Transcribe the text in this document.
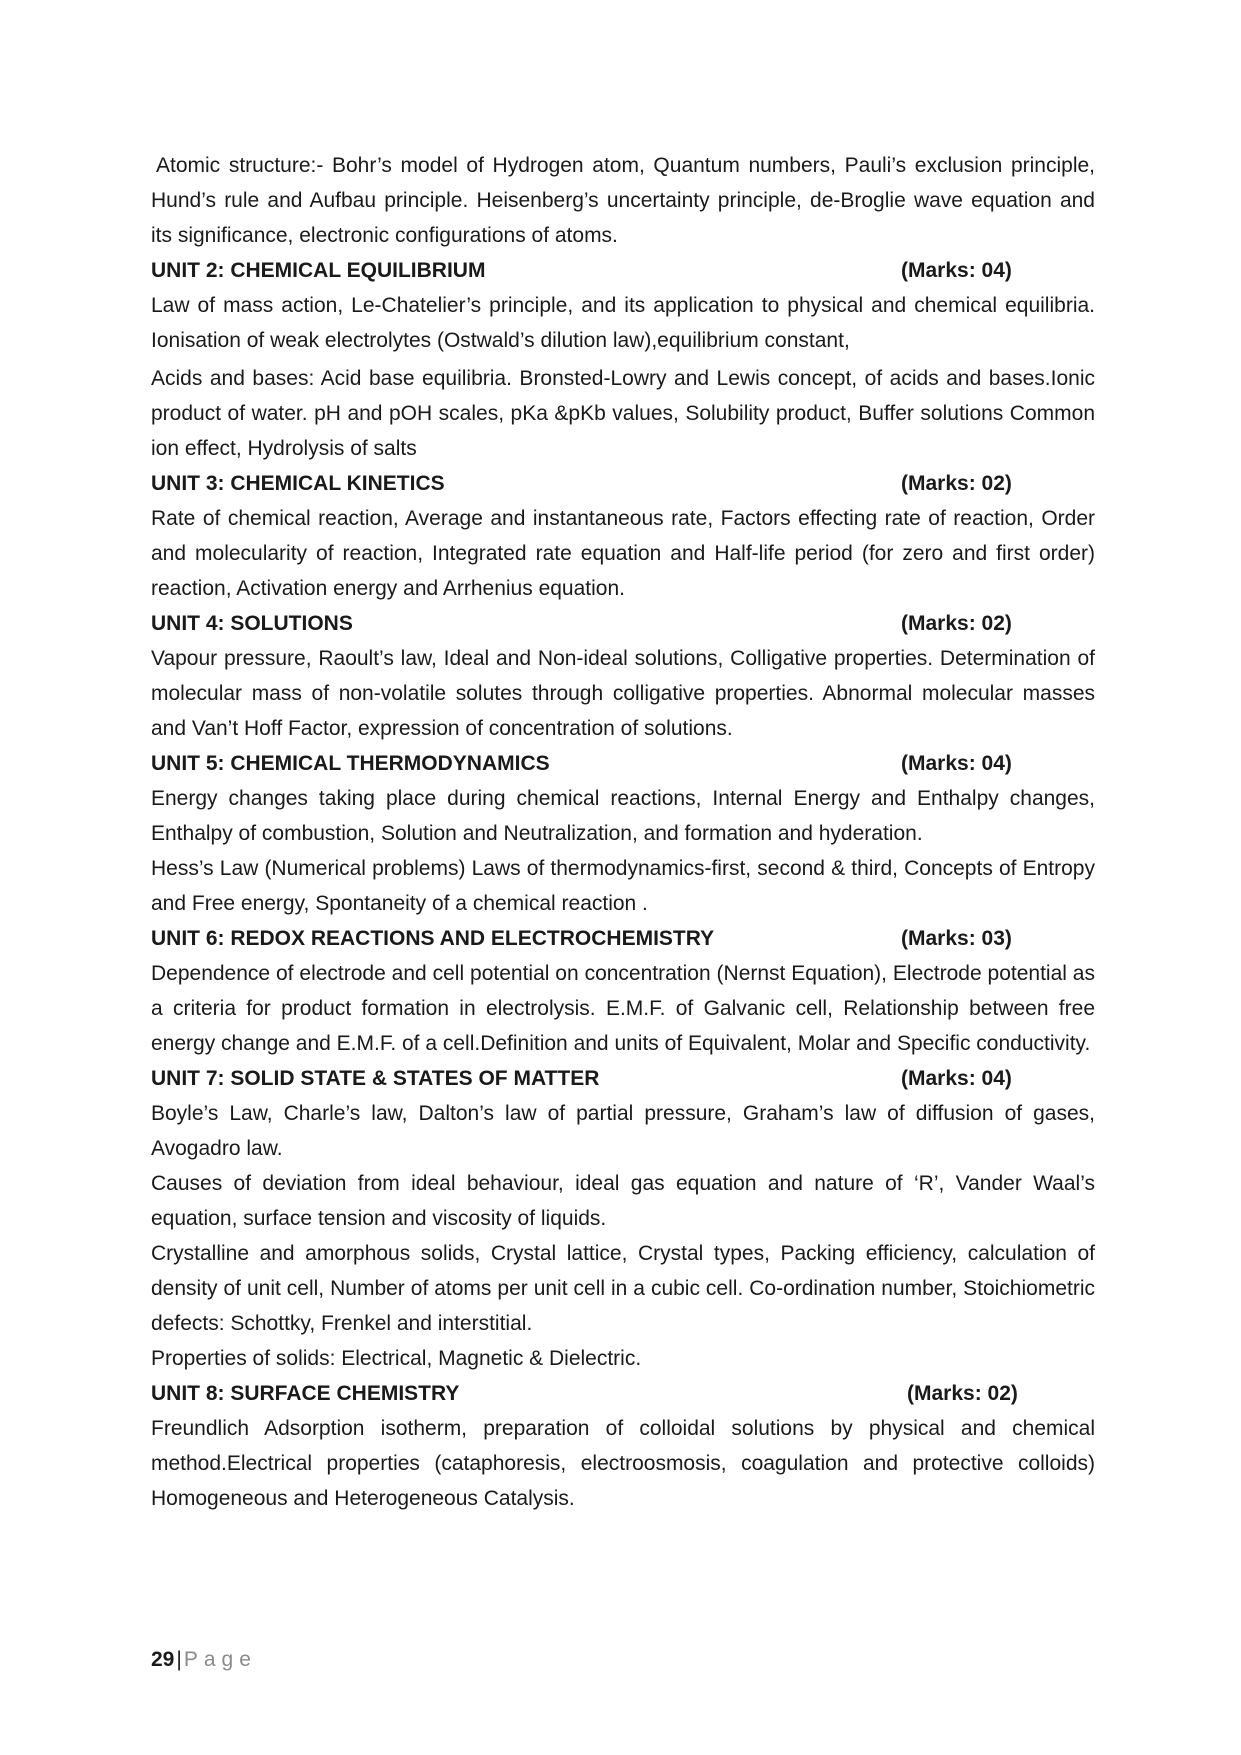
Atomic structure:- Bohr’s model of Hydrogen atom, Quantum numbers, Pauli’s exclusion principle, Hund’s rule and Aufbau principle. Heisenberg’s uncertainty principle, de-Broglie wave equation and its significance, electronic configurations of atoms.

UNIT 2: CHEMICAL EQUILIBRIUM	(Marks: 04)

Law of mass action, Le-Chatelier’s principle, and its application to physical and chemical equilibria. Ionisation of weak electrolytes (Ostwald’s dilution law),equilibrium constant,

Acids and bases: Acid base equilibria. Bronsted-Lowry and Lewis concept, of acids and bases.Ionic product of water. pH and pOH scales, pKa &pKb values, Solubility product, Buffer solutions Common ion effect, Hydrolysis of salts

UNIT 3: CHEMICAL KINETICS	(Marks: 02)

Rate of chemical reaction, Average and instantaneous rate, Factors effecting rate of reaction, Order and molecularity of reaction, Integrated rate equation and Half-life period (for zero and first order) reaction, Activation energy and Arrhenius equation.

UNIT 4: SOLUTIONS	(Marks: 02)

Vapour pressure, Raoult’s law, Ideal and Non-ideal solutions, Colligative properties. Determination of molecular mass of non-volatile solutes through colligative properties. Abnormal molecular masses and Van’t Hoff Factor, expression of concentration of solutions.

UNIT 5: CHEMICAL THERMODYNAMICS	(Marks: 04)

Energy changes taking place during chemical reactions, Internal Energy and Enthalpy changes, Enthalpy of combustion, Solution and Neutralization, and formation and hyderation.

Hess’s Law (Numerical problems) Laws of thermodynamics-first, second & third, Concepts of Entropy and Free energy, Spontaneity of a chemical reaction .

UNIT 6: REDOX REACTIONS AND ELECTROCHEMISTRY	(Marks: 03)

Dependence of electrode and cell potential on concentration (Nernst Equation), Electrode potential as a criteria for product formation in electrolysis. E.M.F. of Galvanic cell, Relationship between free energy change and E.M.F. of a cell.Definition and units of Equivalent, Molar and Specific conductivity.

UNIT 7: SOLID STATE & STATES OF MATTER	(Marks: 04)

Boyle’s Law, Charle’s law, Dalton’s law of partial pressure, Graham’s law of diffusion of gases, Avogadro law.

Causes of deviation from ideal behaviour, ideal gas equation and nature of ‘R’, Vander Waal’s equation, surface tension and viscosity of liquids.

Crystalline and amorphous solids, Crystal lattice, Crystal types, Packing efficiency, calculation of density of unit cell, Number of atoms per unit cell in a cubic cell. Co-ordination number, Stoichiometric defects: Schottky, Frenkel and interstitial.

Properties of solids: Electrical, Magnetic & Dielectric.

UNIT 8: SURFACE CHEMISTRY	(Marks: 02)

Freundlich Adsorption isotherm, preparation of colloidal solutions by physical and chemical method.Electrical properties (cataphoresis, electroosmosis, coagulation and protective colloids) Homogeneous and Heterogeneous Catalysis.

29|Page
